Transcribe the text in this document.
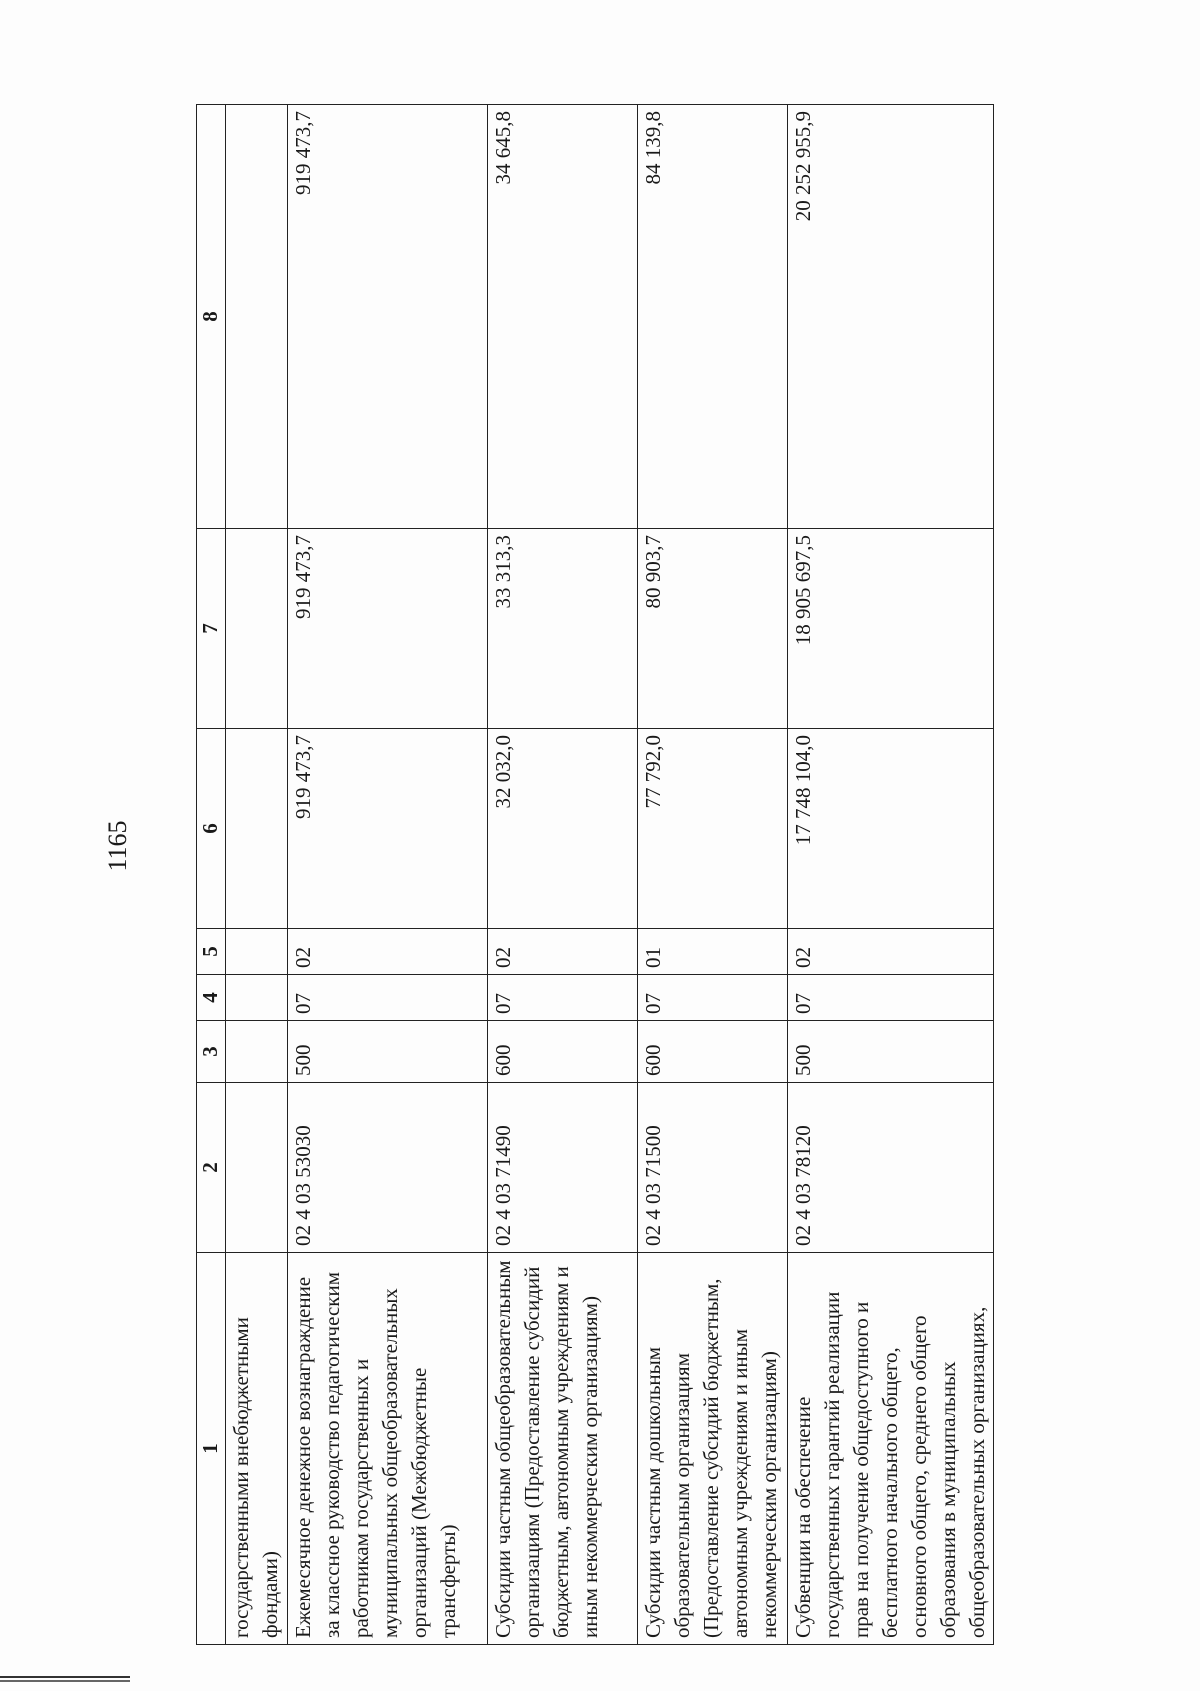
1165
1	2	3	4	5	6	7	8
государственными внебюджетными фондами)							
Ежемесячное денежное вознаграждение за классное руководство педагогическим работникам государственных и муниципальных общеобразовательных организаций (Межбюджетные трансферты)	02 4 03 53030	500	07	02	919 473,7	919 473,7	919 473,7
Субсидии частным общеобразовательным организациям (Предоставление субсидий бюджетным, автономным учреждениям и иным некоммерческим организациям)	02 4 03 71490	600	07	02	32 032,0	33 313,3	34 645,8
Субсидии частным дошкольным образовательным организациям (Предоставление субсидий бюджетным, автономным учреждениям и иным некоммерческим организациям)	02 4 03 71500	600	07	01	77 792,0	80 903,7	84 139,8
Субвенции на обеспечение государственных гарантий реализации прав на получение общедоступного и бесплатного начального общего, основного общего, среднего общего образования в муниципальных общеобразовательных организациях,	02 4 03 78120	500	07	02	17 748 104,0	18 905 697,5	20 252 955,9
